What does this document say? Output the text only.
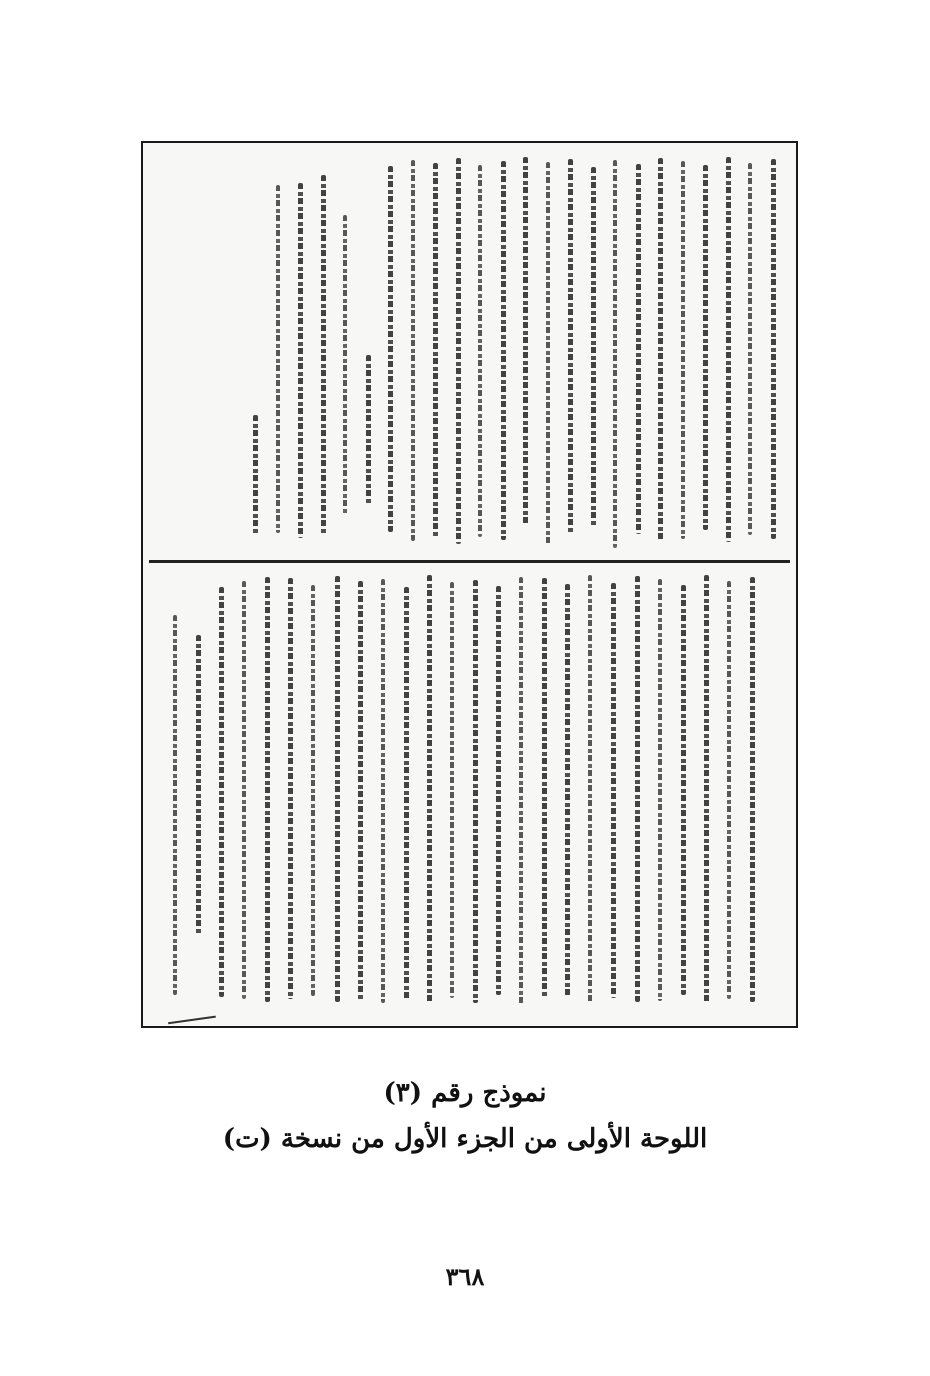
نموذج رقم (٣)
اللوحة الأولى من الجزء الأول من نسخة (ت)
٣٦٨
